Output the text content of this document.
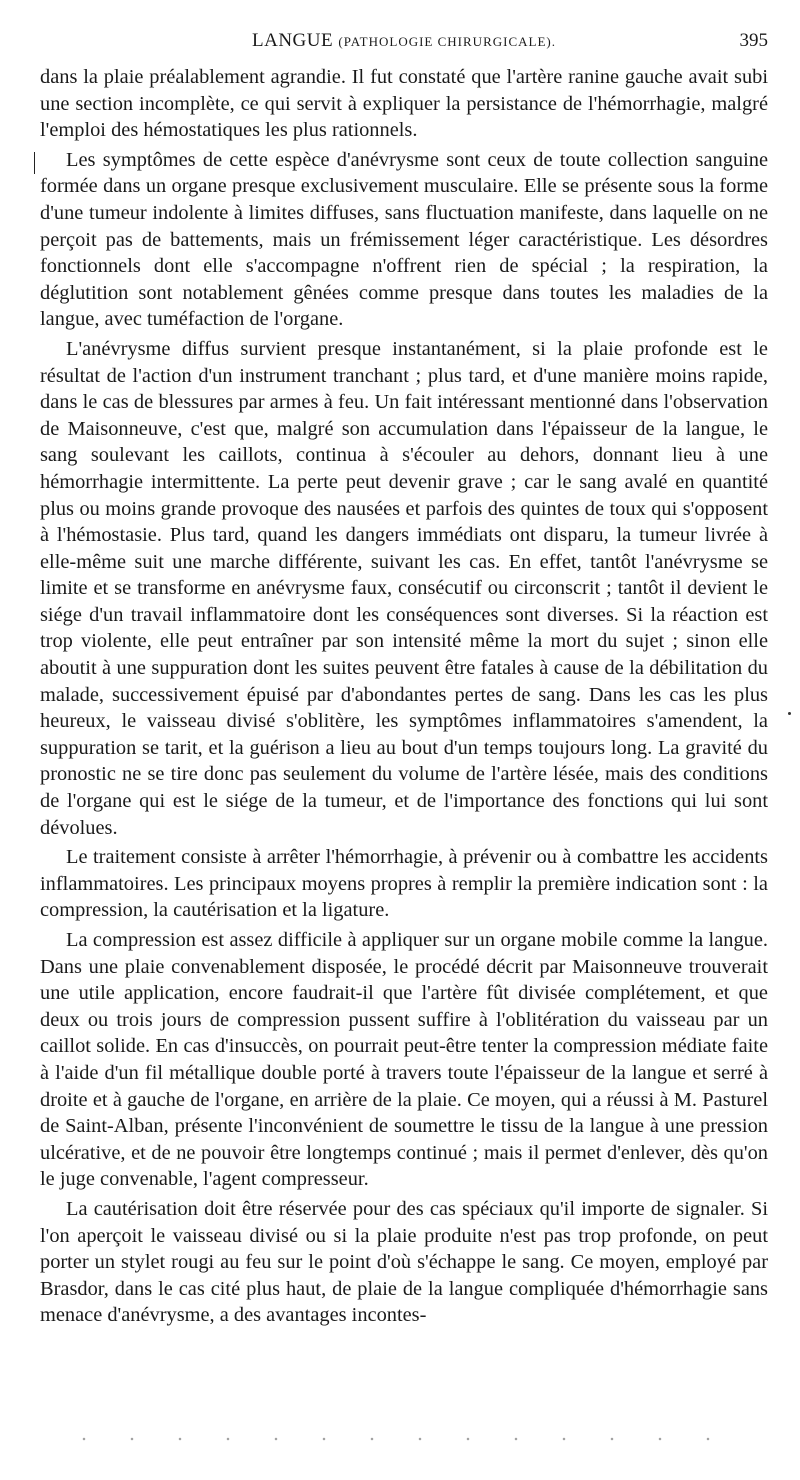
LANGUE (PATHOLOGIE CHIRURGICALE).	395

dans la plaie préalablement agrandie. Il fut constaté que l'artère ranine gauche avait subi une section incomplète, ce qui servit à expliquer la persistance de l'hémorrhagie, malgré l'emploi des hémostatiques les plus rationnels.

Les symptômes de cette espèce d'anévrysme sont ceux de toute collection sanguine formée dans un organe presque exclusivement musculaire. Elle se présente sous la forme d'une tumeur indolente à limites diffuses, sans fluctuation manifeste, dans laquelle on ne perçoit pas de battements, mais un frémissement léger caractéristique. Les désordres fonctionnels dont elle s'accompagne n'offrent rien de spécial ; la respiration, la déglutition sont notablement gênées comme presque dans toutes les maladies de la langue, avec tuméfaction de l'organe.

L'anévrysme diffus survient presque instantanément, si la plaie profonde est le résultat de l'action d'un instrument tranchant ; plus tard, et d'une manière moins rapide, dans le cas de blessures par armes à feu. Un fait intéressant mentionné dans l'observation de Maisonneuve, c'est que, malgré son accumulation dans l'épaisseur de la langue, le sang soulevant les caillots, continua à s'écouler au dehors, donnant lieu à une hémorrhagie intermittente. La perte peut devenir grave ; car le sang avalé en quantité plus ou moins grande provoque des nausées et parfois des quintes de toux qui s'opposent à l'hémostasie. Plus tard, quand les dangers immédiats ont disparu, la tumeur livrée à elle-même suit une marche différente, suivant les cas. En effet, tantôt l'anévrysme se limite et se transforme en anévrysme faux, consécutif ou circonscrit ; tantôt il devient le siége d'un travail inflammatoire dont les conséquences sont diverses. Si la réaction est trop violente, elle peut entraîner par son intensité même la mort du sujet ; sinon elle aboutit à une suppuration dont les suites peuvent être fatales à cause de la débilitation du malade, successivement épuisé par d'abondantes pertes de sang. Dans les cas les plus heureux, le vaisseau divisé s'oblitère, les symptômes inflammatoires s'amendent, la suppuration se tarit, et la guérison a lieu au bout d'un temps toujours long. La gravité du pronostic ne se tire donc pas seulement du volume de l'artère lésée, mais des conditions de l'organe qui est le siége de la tumeur, et de l'importance des fonctions qui lui sont dévolues.

Le traitement consiste à arrêter l'hémorrhagie, à prévenir ou à combattre les accidents inflammatoires. Les principaux moyens propres à remplir la première indication sont : la compression, la cautérisation et la ligature.

La compression est assez difficile à appliquer sur un organe mobile comme la langue. Dans une plaie convenablement disposée, le procédé décrit par Maisonneuve trouverait une utile application, encore faudrait-il que l'artère fût divisée complétement, et que deux ou trois jours de compression pussent suffire à l'oblitération du vaisseau par un caillot solide. En cas d'insuccès, on pourrait peut-être tenter la compression médiate faite à l'aide d'un fil métallique double porté à travers toute l'épaisseur de la langue et serré à droite et à gauche de l'organe, en arrière de la plaie. Ce moyen, qui a réussi à M. Pasturel de Saint-Alban, présente l'inconvénient de soumettre le tissu de la langue à une pression ulcérative, et de ne pouvoir être longtemps continué ; mais il permet d'enlever, dès qu'on le juge convenable, l'agent compresseur.

La cautérisation doit être réservée pour des cas spéciaux qu'il importe de signaler. Si l'on aperçoit le vaisseau divisé ou si la plaie produite n'est pas trop profonde, on peut porter un stylet rougi au feu sur le point d'où s'échappe le sang. Ce moyen, employé par Brasdor, dans le cas cité plus haut, de plaie de la langue compliquée d'hémorrhagie sans menace d'anévrysme, a des avantages incontes-
